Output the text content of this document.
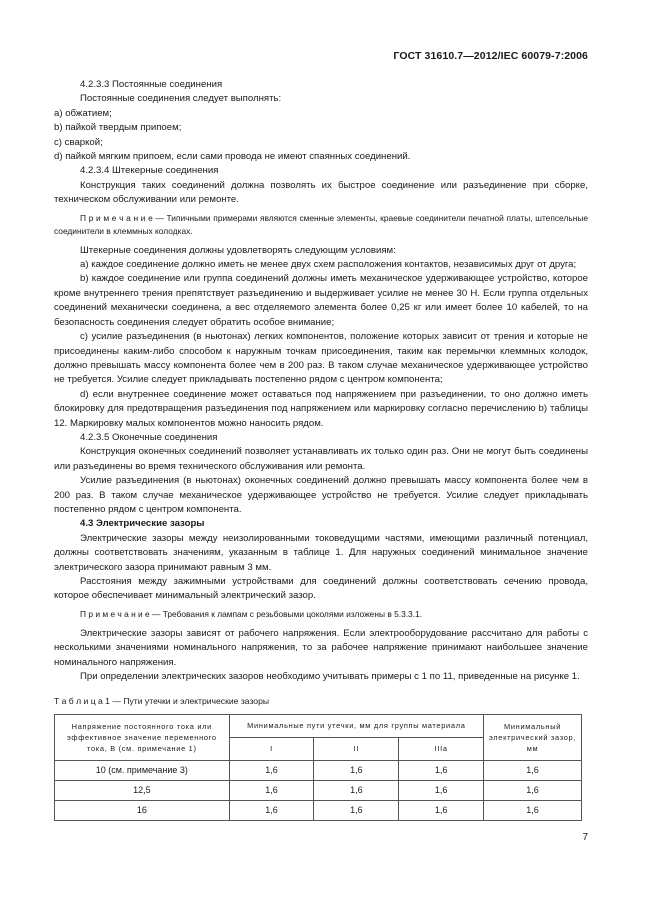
ГОСТ 31610.7—2012/IEC 60079-7:2006

4.2.3.3 Постоянные соединения

Постоянные соединения следует выполнять:

а) обжатием;

b) пайкой твердым припоем;

c) сваркой;

d) пайкой мягким припоем, если сами провода не имеют спаянных соединений.

4.2.3.4 Штекерные соединения

Конструкция таких соединений должна позволять их быстрое соединение или разъединение при сборке, техническом обслуживании или ремонте.

П р и м е ч а н и е — Типичными примерами являются сменные элементы, краевые соединители печатной платы, штепсельные соединители в клеммных колодках.

Штекерные соединения должны удовлетворять следующим условиям:

а) каждое соединение должно иметь не менее двух схем расположения контактов, независимых друг от друга;

b) каждое соединение или группа соединений должны иметь механическое удерживающее устройство, которое кроме внутреннего трения препятствует разъединению и выдерживает усилие не менее 30 Н. Если группа отдельных соединений механически соединена, а вес отделяемого элемента более 0,25 кг или имеет более 10 кабелей, то на безопасность соединения следует обратить особое внимание;

c) усилие разъединения (в ньютонах) легких компонентов, положение которых зависит от трения и которые не присоединены каким-либо способом к наружным точкам присоединения, таким как перемычки клеммных колодок, должно превышать массу компонента более чем в 200 раз. В таком случае механическое удерживающее устройство не требуется. Усилие следует прикладывать постепенно рядом с центром компонента;

d) если внутреннее соединение может оставаться под напряжением при разъединении, то оно должно иметь блокировку для предотвращения разъединения под напряжением или маркировку согласно перечислению b) таблицы 12. Маркировку малых компонентов можно наносить рядом.

4.2.3.5 Оконечные соединения

Конструкция оконечных соединений позволяет устанавливать их только один раз. Они не могут быть соединены или разъединены во время технического обслуживания или ремонта.

Усилие разъединения (в ньютонах) оконечных соединений должно превышать массу компонента более чем в 200 раз. В таком случае механическое удерживающее устройство не требуется. Усилие следует прикладывать постепенно рядом с центром компонента.

4.3 Электрические зазоры

Электрические зазоры между неизолированными токоведущими частями, имеющими различный потенциал, должны соответствовать значениям, указанным в таблице 1. Для наружных соединений минимальное значение электрического зазора принимают равным 3 мм.

Расстояния между зажимными устройствами для соединений должны соответствовать сечению провода, которое обеспечивает минимальный электрический зазор.

П р и м е ч а н и е — Требования к лампам с резьбовыми цоколями изложены в 5.3.3.1.

Электрические зазоры зависят от рабочего напряжения. Если электрооборудование рассчитано для работы с несколькими значениями номинального напряжения, то за рабочее напряжение принимают наибольшее значение номинального напряжения.

При определении электрических зазоров необходимо учитывать примеры с 1 по 11, приведенные на рисунке 1.

Т а б л и ц а 1 — Пути утечки и электрические зазоры

Напряжение постоянного тока или эффективное значение переменного тока, В (см. примечание 1)	Минимальные пути утечки, мм для группы материала			Минимальный электрический зазор, мм
	I	II	IIIa	
10 (см. примечание 3)	1,6	1,6	1,6	1,6
12,5	1,6	1,6	1,6	1,6
16	1,6	1,6	1,6	1,6
7
